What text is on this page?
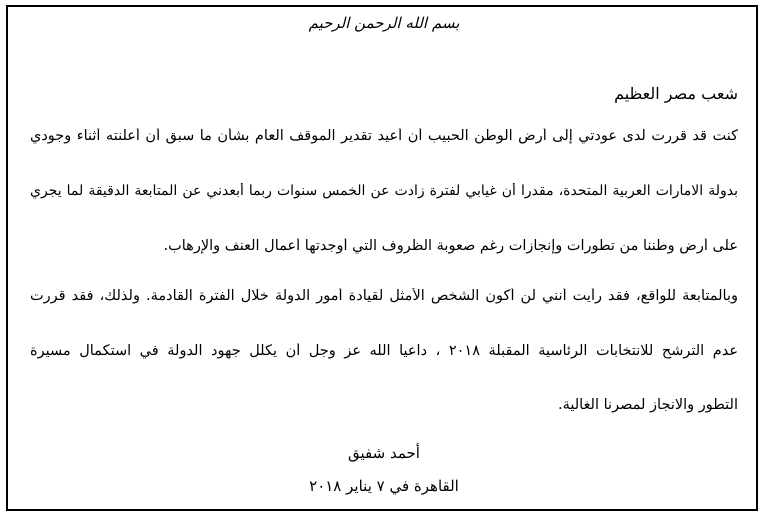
بسم الله الرحمن الرحيم
شعب مصر العظيم
كنت قد قررت لدى عودتي إلى أرض الوطن الحبيب أن أعيد تقدير الموقف العام بشأن ما سبق أن أعلنته أثناء وجودي
بدولة الامارات العربية المتحدة، مقدرا أن غيابي لفترة زادت عن الخمس سنوات ربما أبعدني عن المتابعة الدقيقة لما يجري
على أرض وطننا من تطورات وإنجازات رغم صعوبة الظروف التي أوجدتها أعمال العنف والإرهاب.
وبالمتابعة للواقع، فقد رأيت أنني لن أكون الشخص الأمثل لقيادة أمور الدولة خلال الفترة القادمة. ولذلك، فقد قررت
عدم الترشح للانتخابات الرئاسية المقبلة ٢٠١٨ ، داعيا الله عز وجل أن يكلل جهود الدولة في استكمال مسيرة
التطور والانجاز لمصرنا الغالية.
أحمد شفيق
القاهرة في ٧ يناير ٢٠١٨
